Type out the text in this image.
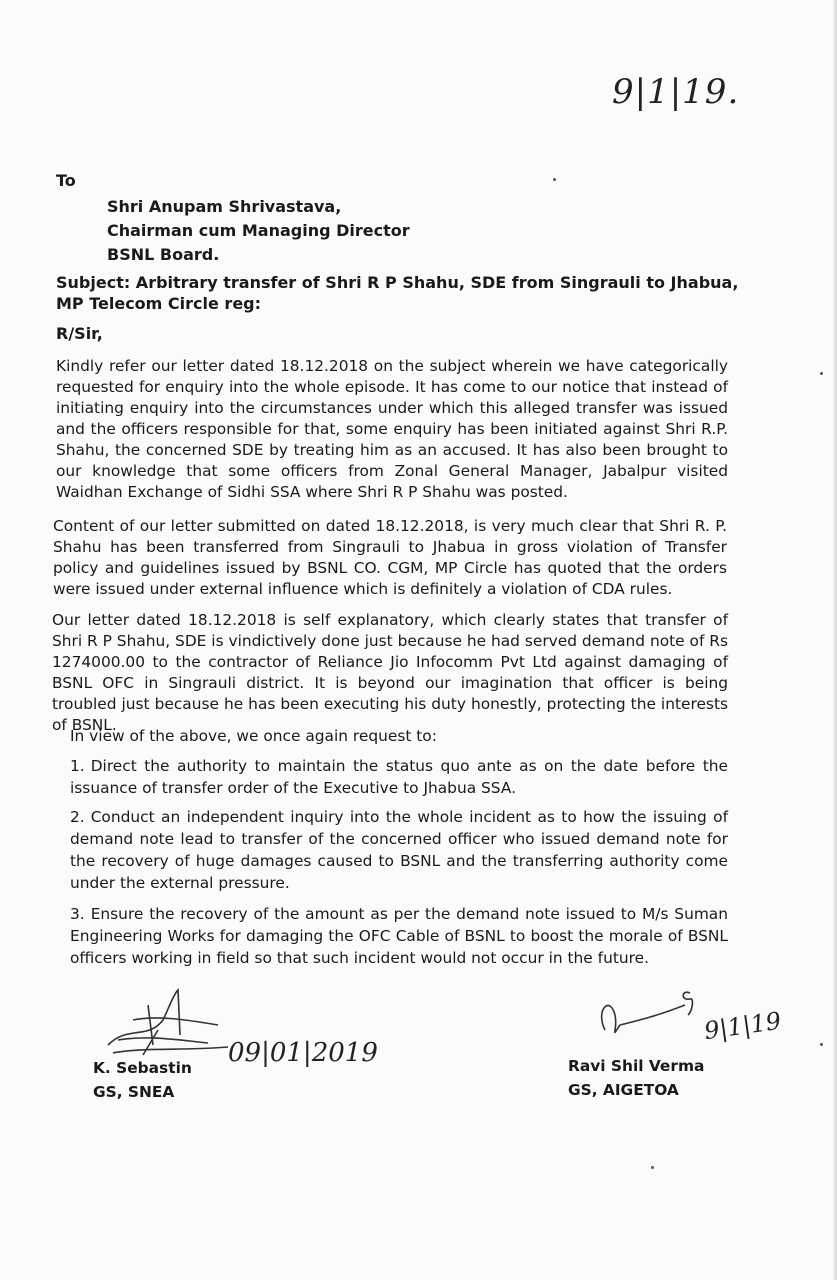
9|1|19.
To
Shri Anupam Shrivastava,
Chairman cum Managing Director
BSNL Board.
Subject: Arbitrary transfer of Shri R P Shahu, SDE from Singrauli to Jhabua, MP Telecom Circle reg:
R/Sir,
Kindly refer our letter dated 18.12.2018 on the subject wherein we have categorically requested for enquiry into the whole episode. It has come to our notice that instead of initiating enquiry into the circumstances under which this alleged transfer was issued and the officers responsible for that, some enquiry has been initiated against Shri R.P. Shahu, the concerned SDE by treating him as an accused. It has also been brought to our knowledge that some officers from Zonal General Manager, Jabalpur visited Waidhan Exchange of Sidhi SSA where Shri R P Shahu was posted.
Content of our letter submitted on dated 18.12.2018, is very much clear that Shri R. P. Shahu has been transferred from Singrauli to Jhabua in gross violation of Transfer policy and guidelines issued by BSNL CO. CGM, MP Circle has quoted that the orders were issued under external influence which is definitely a violation of CDA rules.
Our letter dated 18.12.2018 is self explanatory, which clearly states that transfer of Shri R P Shahu, SDE is vindictively done just because he had served demand note of Rs 1274000.00 to the contractor of Reliance Jio Infocomm Pvt Ltd against damaging of BSNL OFC in Singrauli district. It is beyond our imagination that officer is being troubled just because he has been executing his duty honestly, protecting the interests of BSNL.
In view of the above, we once again request to:
1. Direct the authority to maintain the status quo ante as on the date before the issuance of transfer order of the Executive to Jhabua SSA.
2. Conduct an independent inquiry into the whole incident as to how the issuing of demand note lead to transfer of the concerned officer who issued demand note for the recovery of huge damages caused to BSNL and the transferring authority come under the external pressure.
3. Ensure the recovery of the amount as per the demand note issued to M/s Suman Engineering Works for damaging the OFC Cable of BSNL to boost the morale of BSNL officers working in field so that such incident would not occur in the future.
09|01|2019
K. Sebastin
GS, SNEA
9|1|19
Ravi Shil Verma
GS, AIGETOA
